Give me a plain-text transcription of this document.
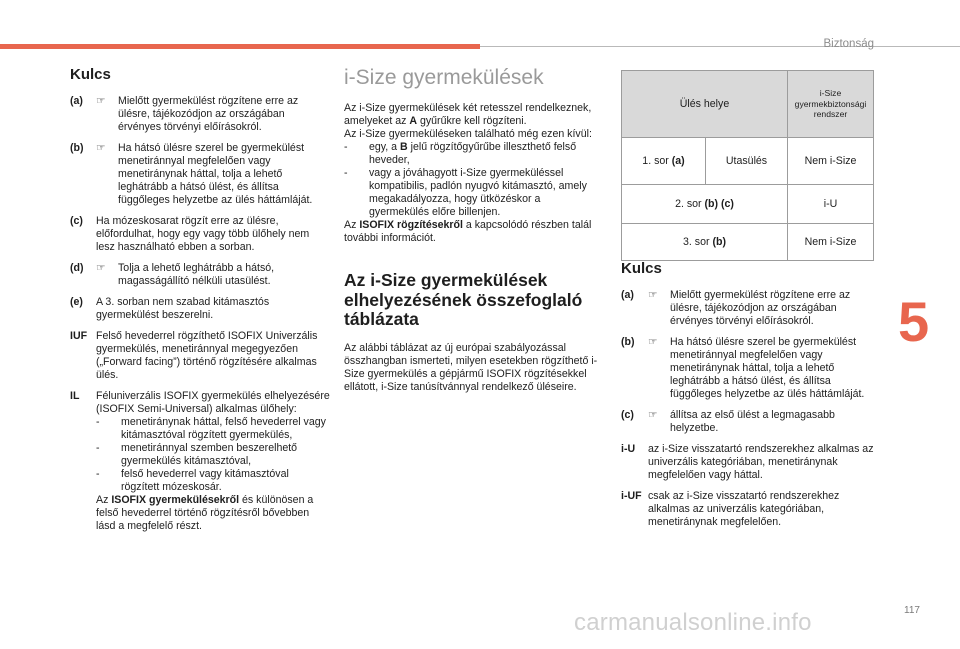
Biztonság
5
117
carmanualsonline.info
Kulcs
(a)	☞	Mielőtt gyermekülést rögzítene erre az ülésre, tájékozódjon az országában érvényes törvényi előírásokról.
(b)	☞	Ha hátsó ülésre szerel be gyermekülést menetiránnyal megfelelően vagy menetiránynak háttal, tolja a lehető leghátrább a hátsó ülést, és állítsa függőleges helyzetbe az ülés háttámláját.
(c)	Ha mózeskosarat rögzít erre az ülésre, előfordulhat, hogy egy vagy több ülőhely nem lesz használható ebben a sorban.
(d)	☞	Tolja a lehető leghátrább a hátsó, magasságállító nélküli utasülést.
(e)	A 3. sorban nem szabad kitámasztós gyermekülést beszerelni.
IUF Felső hevederrel rögzíthető ISOFIX Univerzális gyermekülés, menetiránnyal megegyezően („Forward facing”) történő rögzítésére alkalmas ülés.
IL	Féluniverzális ISOFIX gyermekülés elhelyezésére (ISOFIX Semi-Universal) alkalmas ülőhely:
-	menetiránynak háttal, felső hevederrel vagy kitámasztóval rögzített gyermekülés,
-	menetiránnyal szemben beszerelhető gyermekülés kitámasztóval,
-	felső hevederrel vagy kitámasztóval rögzített mózeskosár.
Az ISOFIX gyermekülésekről és különösen a felső hevederrel történő rögzítésről bővebben lásd a megfelelő részt.
i-Size gyermekülések
Az i-Size gyermekülések két retesszel rendelkeznek, amelyeket az A gyűrűkre kell rögzíteni.
Az i-Size gyermeküléseken található még ezen kívül:
-	egy, a B jelű rögzítőgyűrűbe illeszthető felső heveder,
-	vagy a jóváhagyott i-Size gyermeküléssel kompatibilis, padlón nyugvó kitámasztó, amely megakadályozza, hogy ütközéskor a gyermekülés előre billenjen.
Az ISOFIX rögzítésekről a kapcsolódó részben talál további információt.
Az i-Size gyermekülések elhelyezésének összefoglaló táblázata
Az alábbi táblázat az új európai szabályozással összhangban ismerteti, milyen esetekben rögzíthető i-Size gyermekülés a gépjármű ISOFIX rögzítésekkel ellátott, i-Size tanúsítvánnyal rendelkező üléseire.
Ülés helye		i-Size gyermekbiztonsági rendszer
1. sor (a)	Utasülés	Nem i-Size
2. sor (b) (c)		i-U
3. sor (b)		Nem i-Size
Kulcs
(a)	☞	Mielőtt gyermekülést rögzítene erre az ülésre, tájékozódjon az országában érvényes törvényi előírásokról.
(b)	☞	Ha hátsó ülésre szerel be gyermekülést menetiránnyal megfelelően vagy menetiránynak háttal, tolja a lehető leghátrább a hátsó ülést, és állítsa függőleges helyzetbe az ülés háttámláját.
(c)	☞	állítsa az első ülést a legmagasabb helyzetbe.
i-U	az i-Size visszatartó rendszerekhez alkalmas az univerzális kategóriában, menetiránynak megfelelően vagy háttal.
i-UF csak az i-Size visszatartó rendszerekhez alkalmas az univerzális kategóriában, menetiránynak megfelelően.
